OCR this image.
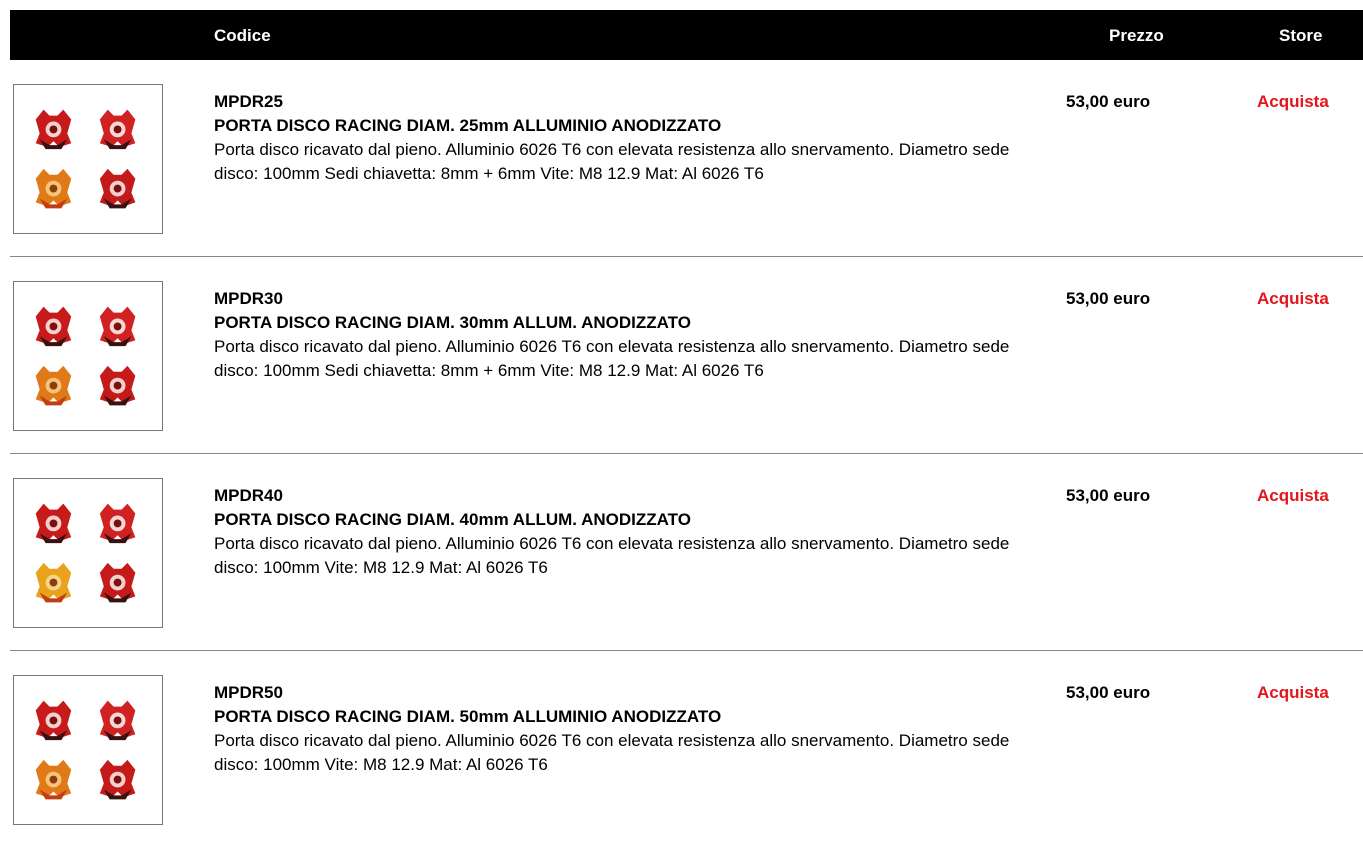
Codice	Prezzo	Store
MPDR25
PORTA DISCO RACING DIAM. 25mm ALLUMINIO ANODIZZATO
Porta disco ricavato dal pieno. Alluminio 6026 T6 con elevata resistenza allo snervamento. Diametro sede disco: 100mm Sedi chiavetta: 8mm + 6mm Vite: M8 12.9 Mat: Al 6026 T6
53,00 euro	Acquista
MPDR30
PORTA DISCO RACING DIAM. 30mm ALLUM. ANODIZZATO
Porta disco ricavato dal pieno. Alluminio 6026 T6 con elevata resistenza allo snervamento. Diametro sede disco: 100mm Sedi chiavetta: 8mm + 6mm Vite: M8 12.9 Mat: Al 6026 T6
53,00 euro	Acquista
MPDR40
PORTA DISCO RACING DIAM. 40mm ALLUM. ANODIZZATO
Porta disco ricavato dal pieno. Alluminio 6026 T6 con elevata resistenza allo snervamento. Diametro sede disco: 100mm Vite: M8 12.9 Mat: Al 6026 T6
53,00 euro	Acquista
MPDR50
PORTA DISCO RACING DIAM. 50mm ALLUMINIO ANODIZZATO
Porta disco ricavato dal pieno. Alluminio 6026 T6 con elevata resistenza allo snervamento. Diametro sede disco: 100mm Vite: M8 12.9 Mat: Al 6026 T6
53,00 euro	Acquista
